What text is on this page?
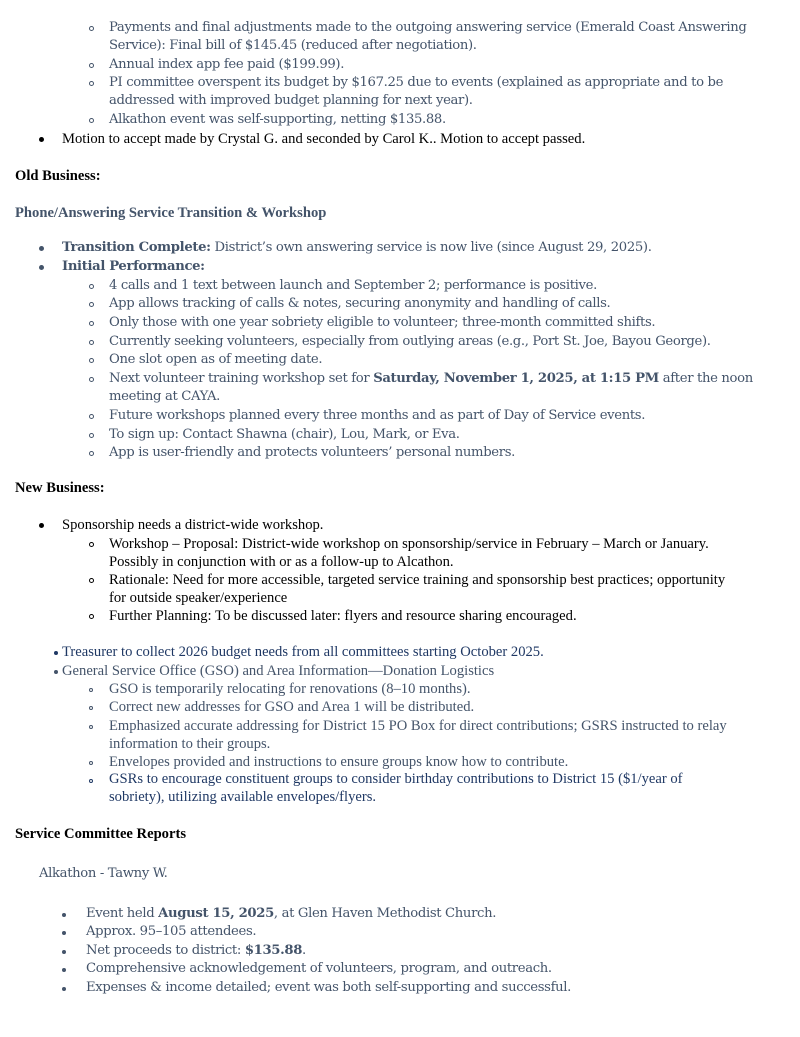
Payments and final adjustments made to the outgoing answering service (Emerald Coast Answering
Service): Final bill of $145.45 (reduced after negotiation).
Annual index app fee paid ($199.99).
PI committee overspent its budget by $167.25 due to events (explained as appropriate and to be
addressed with improved budget planning for next year).
Alkathon event was self-supporting, netting $135.88.
Motion to accept made by Crystal G. and seconded by Carol K.. Motion to accept passed.
Old Business:
Phone/Answering Service Transition & Workshop
Transition Complete: District’s own answering service is now live (since August 29, 2025).
Initial Performance:
4 calls and 1 text between launch and September 2; performance is positive.
App allows tracking of calls & notes, securing anonymity and handling of calls.
Only those with one year sobriety eligible to volunteer; three-month committed shifts.
Currently seeking volunteers, especially from outlying areas (e.g., Port St. Joe, Bayou George).
One slot open as of meeting date.
Next volunteer training workshop set for Saturday, November 1, 2025, at 1:15 PM after the noon
meeting at CAYA.
Future workshops planned every three months and as part of Day of Service events.
To sign up: Contact Shawna (chair), Lou, Mark, or Eva.
App is user-friendly and protects volunteers’ personal numbers.
New Business:
Sponsorship needs a district-wide workshop.
Workshop – Proposal: District-wide workshop on sponsorship/service in February – March or January.
Possibly in conjunction with or as a follow-up to Alcathon.
Rationale: Need for more accessible, targeted service training and sponsorship best practices; opportunity
for outside speaker/experience
Further Planning: To be discussed later: flyers and resource sharing encouraged.
Treasurer to collect 2026 budget needs from all committees starting October 2025.
General Service Office (GSO) and Area Information—Donation Logistics
GSO is temporarily relocating for renovations (8–10 months).
Correct new addresses for GSO and Area 1 will be distributed.
Emphasized accurate addressing for District 15 PO Box for direct contributions; GSRS instructed to relay
information to their groups.
Envelopes provided and instructions to ensure groups know how to contribute.
GSRs to encourage constituent groups to consider birthday contributions to District 15 ($1/year of
sobriety), utilizing available envelopes/flyers.
Service Committee Reports
Alkathon - Tawny W.
Event held August 15, 2025, at Glen Haven Methodist Church.
Approx. 95–105 attendees.
Net proceeds to district: $135.88.
Comprehensive acknowledgement of volunteers, program, and outreach.
Expenses & income detailed; event was both self-supporting and successful.
